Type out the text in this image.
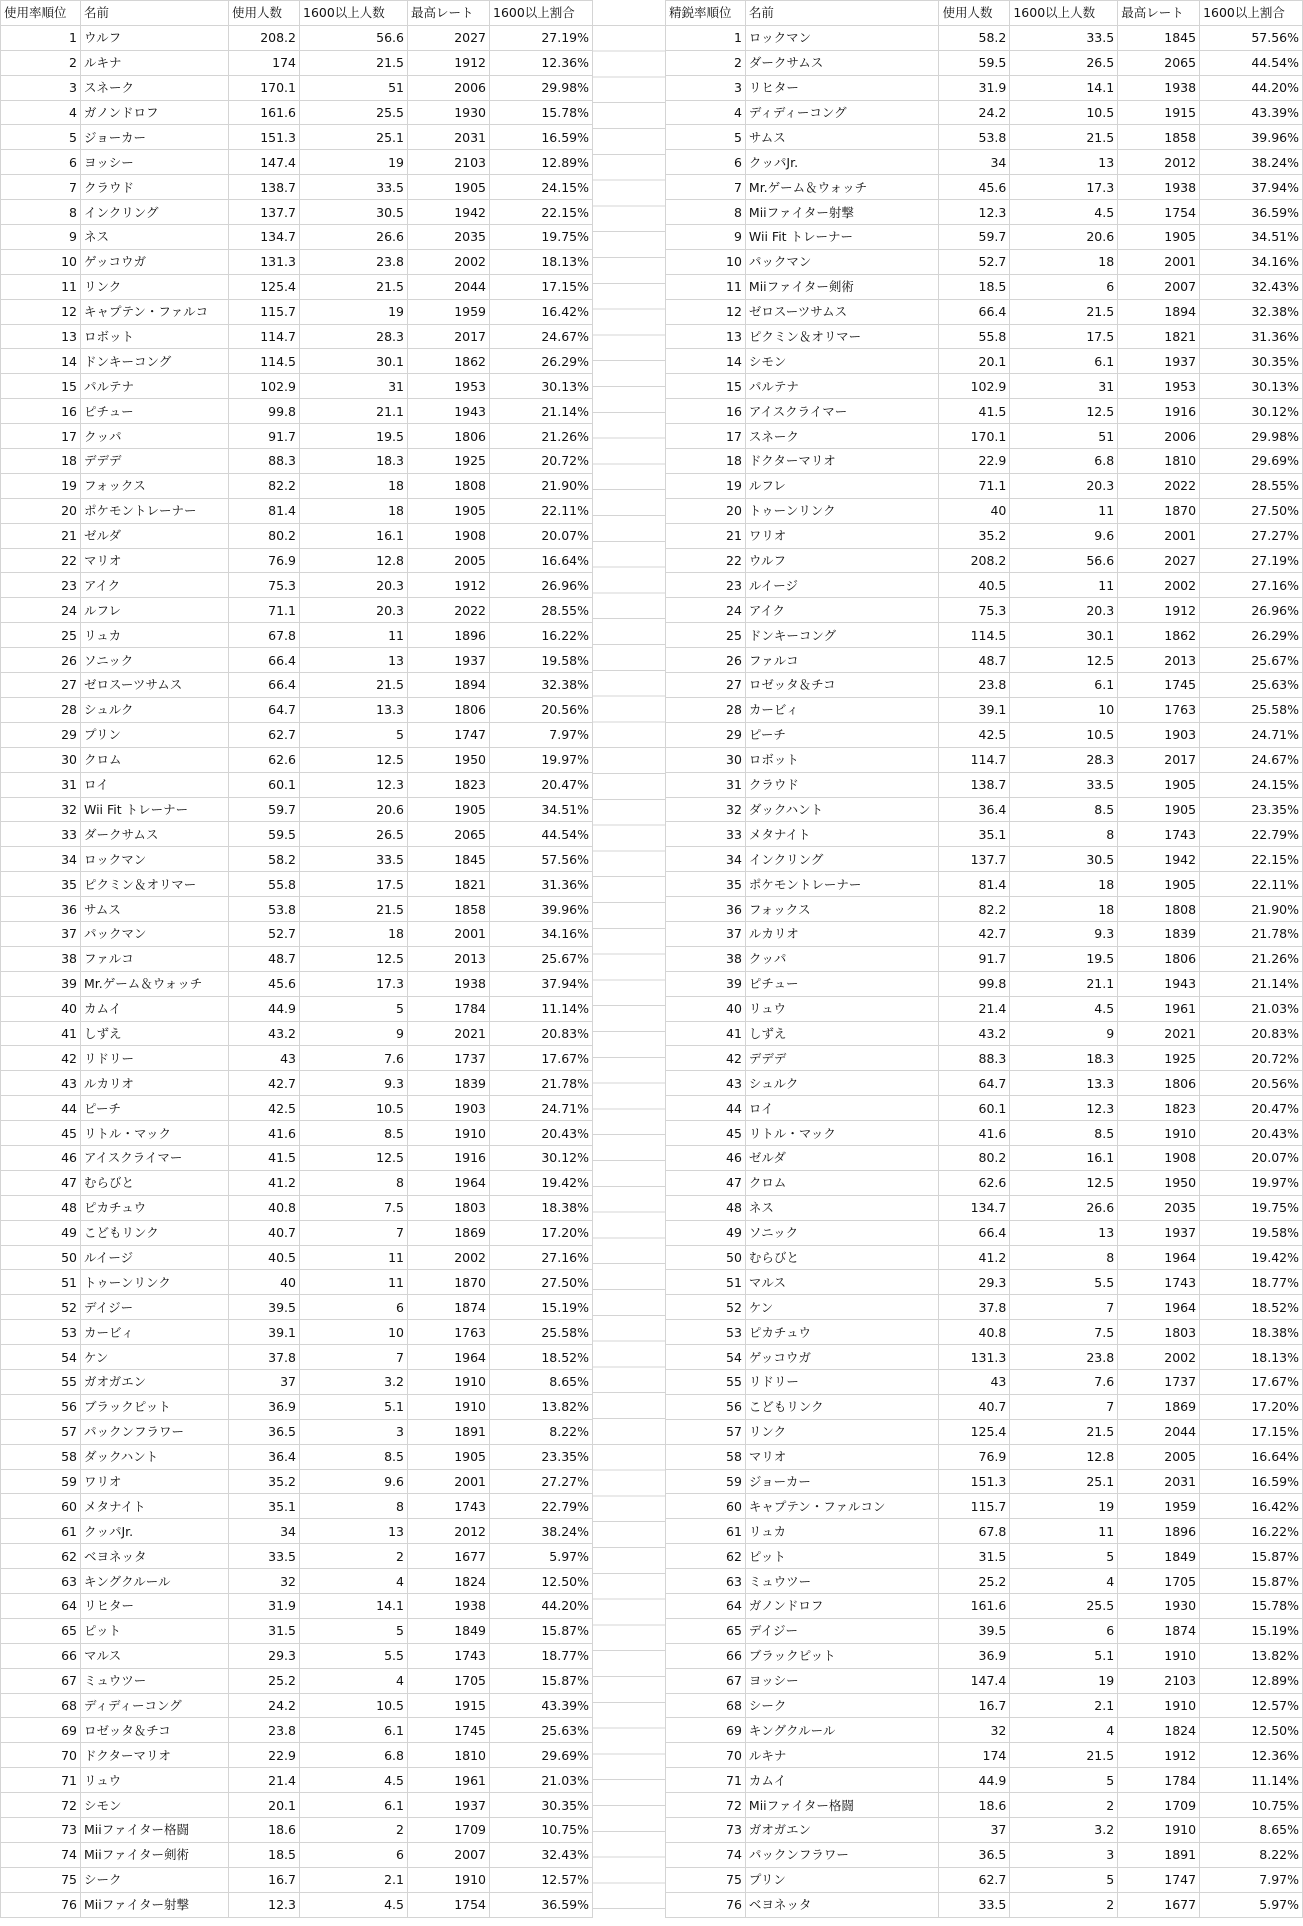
使用率順位	名前	使用人数	1600以上人数	最高レート	1600以上割合
1	ウルフ	208.2	56.6	2027	27.19%
2	ルキナ	174	21.5	1912	12.36%
3	スネーク	170.1	51	2006	29.98%
4	ガノンドロフ	161.6	25.5	1930	15.78%
5	ジョーカー	151.3	25.1	2031	16.59%
6	ヨッシー	147.4	19	2103	12.89%
7	クラウド	138.7	33.5	1905	24.15%
8	インクリング	137.7	30.5	1942	22.15%
9	ネス	134.7	26.6	2035	19.75%
10	ゲッコウガ	131.3	23.8	2002	18.13%
11	リンク	125.4	21.5	2044	17.15%
12	キャプテン・ファルコ	115.7	19	1959	16.42%
13	ロボット	114.7	28.3	2017	24.67%
14	ドンキーコング	114.5	30.1	1862	26.29%
15	パルテナ	102.9	31	1953	30.13%
16	ピチュー	99.8	21.1	1943	21.14%
17	クッパ	91.7	19.5	1806	21.26%
18	デデデ	88.3	18.3	1925	20.72%
19	フォックス	82.2	18	1808	21.90%
20	ポケモントレーナー	81.4	18	1905	22.11%
21	ゼルダ	80.2	16.1	1908	20.07%
22	マリオ	76.9	12.8	2005	16.64%
23	アイク	75.3	20.3	1912	26.96%
24	ルフレ	71.1	20.3	2022	28.55%
25	リュカ	67.8	11	1896	16.22%
26	ソニック	66.4	13	1937	19.58%
27	ゼロスーツサムス	66.4	21.5	1894	32.38%
28	シュルク	64.7	13.3	1806	20.56%
29	プリン	62.7	5	1747	7.97%
30	クロム	62.6	12.5	1950	19.97%
31	ロイ	60.1	12.3	1823	20.47%
32	Wii Fit トレーナー	59.7	20.6	1905	34.51%
33	ダークサムス	59.5	26.5	2065	44.54%
34	ロックマン	58.2	33.5	1845	57.56%
35	ピクミン＆オリマー	55.8	17.5	1821	31.36%
36	サムス	53.8	21.5	1858	39.96%
37	パックマン	52.7	18	2001	34.16%
38	ファルコ	48.7	12.5	2013	25.67%
39	Mr.ゲーム＆ウォッチ	45.6	17.3	1938	37.94%
40	カムイ	44.9	5	1784	11.14%
41	しずえ	43.2	9	2021	20.83%
42	リドリー	43	7.6	1737	17.67%
43	ルカリオ	42.7	9.3	1839	21.78%
44	ピーチ	42.5	10.5	1903	24.71%
45	リトル・マック	41.6	8.5	1910	20.43%
46	アイスクライマー	41.5	12.5	1916	30.12%
47	むらびと	41.2	8	1964	19.42%
48	ピカチュウ	40.8	7.5	1803	18.38%
49	こどもリンク	40.7	7	1869	17.20%
50	ルイージ	40.5	11	2002	27.16%
51	トゥーンリンク	40	11	1870	27.50%
52	デイジー	39.5	6	1874	15.19%
53	カービィ	39.1	10	1763	25.58%
54	ケン	37.8	7	1964	18.52%
55	ガオガエン	37	3.2	1910	8.65%
56	ブラックピット	36.9	5.1	1910	13.82%
57	パックンフラワー	36.5	3	1891	8.22%
58	ダックハント	36.4	8.5	1905	23.35%
59	ワリオ	35.2	9.6	2001	27.27%
60	メタナイト	35.1	8	1743	22.79%
61	クッパJr.	34	13	2012	38.24%
62	ベヨネッタ	33.5	2	1677	5.97%
63	キングクルール	32	4	1824	12.50%
64	リヒター	31.9	14.1	1938	44.20%
65	ピット	31.5	5	1849	15.87%
66	マルス	29.3	5.5	1743	18.77%
67	ミュウツー	25.2	4	1705	15.87%
68	ディディーコング	24.2	10.5	1915	43.39%
69	ロゼッタ＆チコ	23.8	6.1	1745	25.63%
70	ドクターマリオ	22.9	6.8	1810	29.69%
71	リュウ	21.4	4.5	1961	21.03%
72	シモン	20.1	6.1	1937	30.35%
73	Miiファイター格闘	18.6	2	1709	10.75%
74	Miiファイター剣術	18.5	6	2007	32.43%
75	シーク	16.7	2.1	1910	12.57%
76	Miiファイター射撃	12.3	4.5	1754	36.59%
精鋭率順位	名前	使用人数	1600以上人数	最高レート	1600以上割合
1	ロックマン	58.2	33.5	1845	57.56%
2	ダークサムス	59.5	26.5	2065	44.54%
3	リヒター	31.9	14.1	1938	44.20%
4	ディディーコング	24.2	10.5	1915	43.39%
5	サムス	53.8	21.5	1858	39.96%
6	クッパJr.	34	13	2012	38.24%
7	Mr.ゲーム＆ウォッチ	45.6	17.3	1938	37.94%
8	Miiファイター射撃	12.3	4.5	1754	36.59%
9	Wii Fit トレーナー	59.7	20.6	1905	34.51%
10	パックマン	52.7	18	2001	34.16%
11	Miiファイター剣術	18.5	6	2007	32.43%
12	ゼロスーツサムス	66.4	21.5	1894	32.38%
13	ピクミン＆オリマー	55.8	17.5	1821	31.36%
14	シモン	20.1	6.1	1937	30.35%
15	パルテナ	102.9	31	1953	30.13%
16	アイスクライマー	41.5	12.5	1916	30.12%
17	スネーク	170.1	51	2006	29.98%
18	ドクターマリオ	22.9	6.8	1810	29.69%
19	ルフレ	71.1	20.3	2022	28.55%
20	トゥーンリンク	40	11	1870	27.50%
21	ワリオ	35.2	9.6	2001	27.27%
22	ウルフ	208.2	56.6	2027	27.19%
23	ルイージ	40.5	11	2002	27.16%
24	アイク	75.3	20.3	1912	26.96%
25	ドンキーコング	114.5	30.1	1862	26.29%
26	ファルコ	48.7	12.5	2013	25.67%
27	ロゼッタ＆チコ	23.8	6.1	1745	25.63%
28	カービィ	39.1	10	1763	25.58%
29	ピーチ	42.5	10.5	1903	24.71%
30	ロボット	114.7	28.3	2017	24.67%
31	クラウド	138.7	33.5	1905	24.15%
32	ダックハント	36.4	8.5	1905	23.35%
33	メタナイト	35.1	8	1743	22.79%
34	インクリング	137.7	30.5	1942	22.15%
35	ポケモントレーナー	81.4	18	1905	22.11%
36	フォックス	82.2	18	1808	21.90%
37	ルカリオ	42.7	9.3	1839	21.78%
38	クッパ	91.7	19.5	1806	21.26%
39	ピチュー	99.8	21.1	1943	21.14%
40	リュウ	21.4	4.5	1961	21.03%
41	しずえ	43.2	9	2021	20.83%
42	デデデ	88.3	18.3	1925	20.72%
43	シュルク	64.7	13.3	1806	20.56%
44	ロイ	60.1	12.3	1823	20.47%
45	リトル・マック	41.6	8.5	1910	20.43%
46	ゼルダ	80.2	16.1	1908	20.07%
47	クロム	62.6	12.5	1950	19.97%
48	ネス	134.7	26.6	2035	19.75%
49	ソニック	66.4	13	1937	19.58%
50	むらびと	41.2	8	1964	19.42%
51	マルス	29.3	5.5	1743	18.77%
52	ケン	37.8	7	1964	18.52%
53	ピカチュウ	40.8	7.5	1803	18.38%
54	ゲッコウガ	131.3	23.8	2002	18.13%
55	リドリー	43	7.6	1737	17.67%
56	こどもリンク	40.7	7	1869	17.20%
57	リンク	125.4	21.5	2044	17.15%
58	マリオ	76.9	12.8	2005	16.64%
59	ジョーカー	151.3	25.1	2031	16.59%
60	キャプテン・ファルコン	115.7	19	1959	16.42%
61	リュカ	67.8	11	1896	16.22%
62	ピット	31.5	5	1849	15.87%
63	ミュウツー	25.2	4	1705	15.87%
64	ガノンドロフ	161.6	25.5	1930	15.78%
65	デイジー	39.5	6	1874	15.19%
66	ブラックピット	36.9	5.1	1910	13.82%
67	ヨッシー	147.4	19	2103	12.89%
68	シーク	16.7	2.1	1910	12.57%
69	キングクルール	32	4	1824	12.50%
70	ルキナ	174	21.5	1912	12.36%
71	カムイ	44.9	5	1784	11.14%
72	Miiファイター格闘	18.6	2	1709	10.75%
73	ガオガエン	37	3.2	1910	8.65%
74	パックンフラワー	36.5	3	1891	8.22%
75	プリン	62.7	5	1747	7.97%
76	ベヨネッタ	33.5	2	1677	5.97%
